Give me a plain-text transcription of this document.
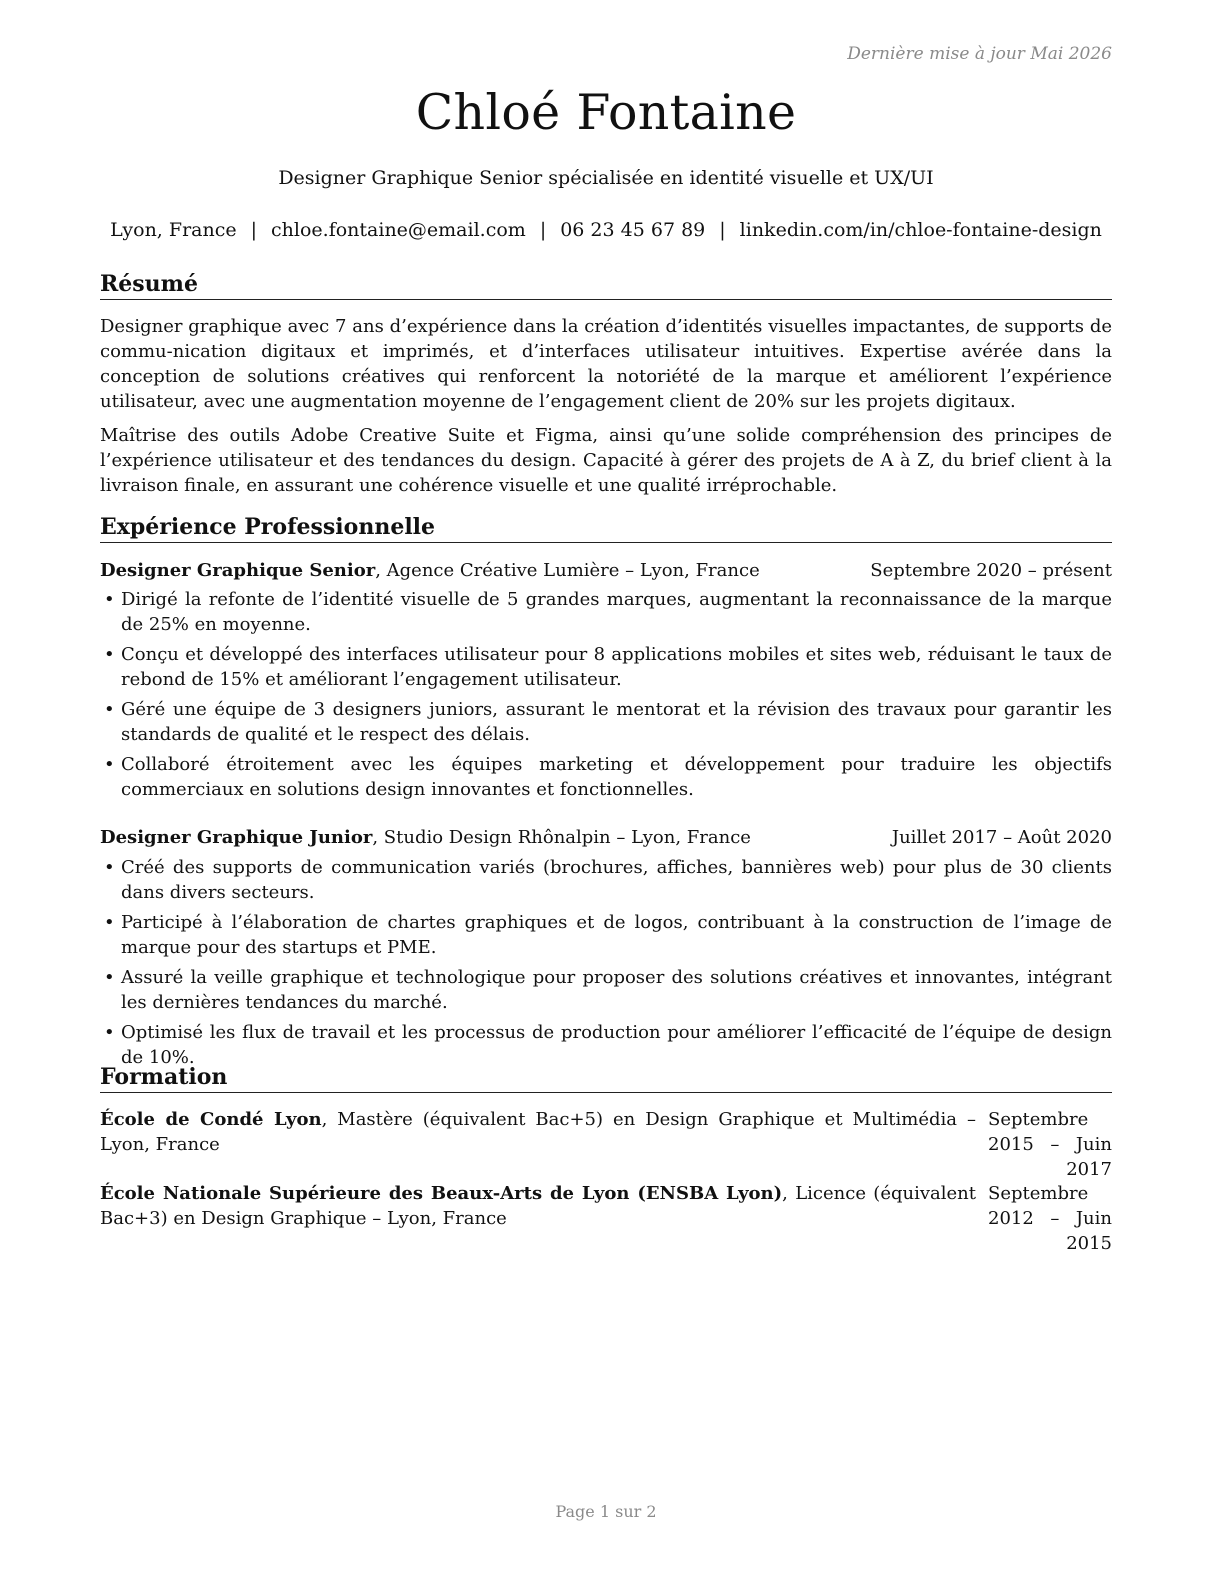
Dernière mise à jour Mai 2026
Chloé Fontaine
Designer Graphique Senior spécialisée en identité visuelle et UX/UI
Lyon, France | chloe.fontaine@email.com | 06 23 45 67 89 | linkedin.com/in/chloe-fontaine-design
Résumé

Designer graphique avec 7 ans d’expérience dans la création d’identités visuelles impactantes, de supports de commu-nication digitaux et imprimés, et d’interfaces utilisateur intuitives. Expertise avérée dans la conception de solutions créatives qui renforcent la notoriété de la marque et améliorent l’expérience utilisateur, avec une augmentation moyenne de l’engagement client de 20% sur les projets digitaux.

Maîtrise des outils Adobe Creative Suite et Figma, ainsi qu’une solide compréhension des principes de l’expérience utilisateur et des tendances du design. Capacité à gérer des projets de A à Z, du brief client à la livraison finale, en assurant une cohérence visuelle et une qualité irréprochable.

Expérience Professionnelle
Designer Graphique Senior, Agence Créative Lumière – Lyon, France	Septembre 2020 – présent
• Dirigé la refonte de l’identité visuelle de 5 grandes marques, augmentant la reconnaissance de la marque de 25% en moyenne.
• Conçu et développé des interfaces utilisateur pour 8 applications mobiles et sites web, réduisant le taux de rebond de 15% et améliorant l’engagement utilisateur.
• Géré une équipe de 3 designers juniors, assurant le mentorat et la révision des travaux pour garantir les standards de qualité et le respect des délais.
• Collaboré étroitement avec les équipes marketing et développement pour traduire les objectifs commerciaux en solutions design innovantes et fonctionnelles.
Designer Graphique Junior, Studio Design Rhônalpin – Lyon, France	Juillet 2017 – Août 2020
• Créé des supports de communication variés (brochures, affiches, bannières web) pour plus de 30 clients dans divers secteurs.
• Participé à l’élaboration de chartes graphiques et de logos, contribuant à la construction de l’image de marque pour des startups et PME.
• Assuré la veille graphique et technologique pour proposer des solutions créatives et innovantes, intégrant les dernières tendances du marché.
• Optimisé les flux de travail et les processus de production pour améliorer l’efficacité de l’équipe de design de 10%.
Formation
École de Condé Lyon, Mastère (équivalent Bac+5) en Design Graphique et Multimédia – Lyon, France
Septembre 2015 – Juin 2017
École Nationale Supérieure des Beaux-Arts de Lyon (ENSBA Lyon), Licence (équivalent Bac+3) en Design Graphique – Lyon, France
Septembre 2012 – Juin 2015
Page 1 sur 2
